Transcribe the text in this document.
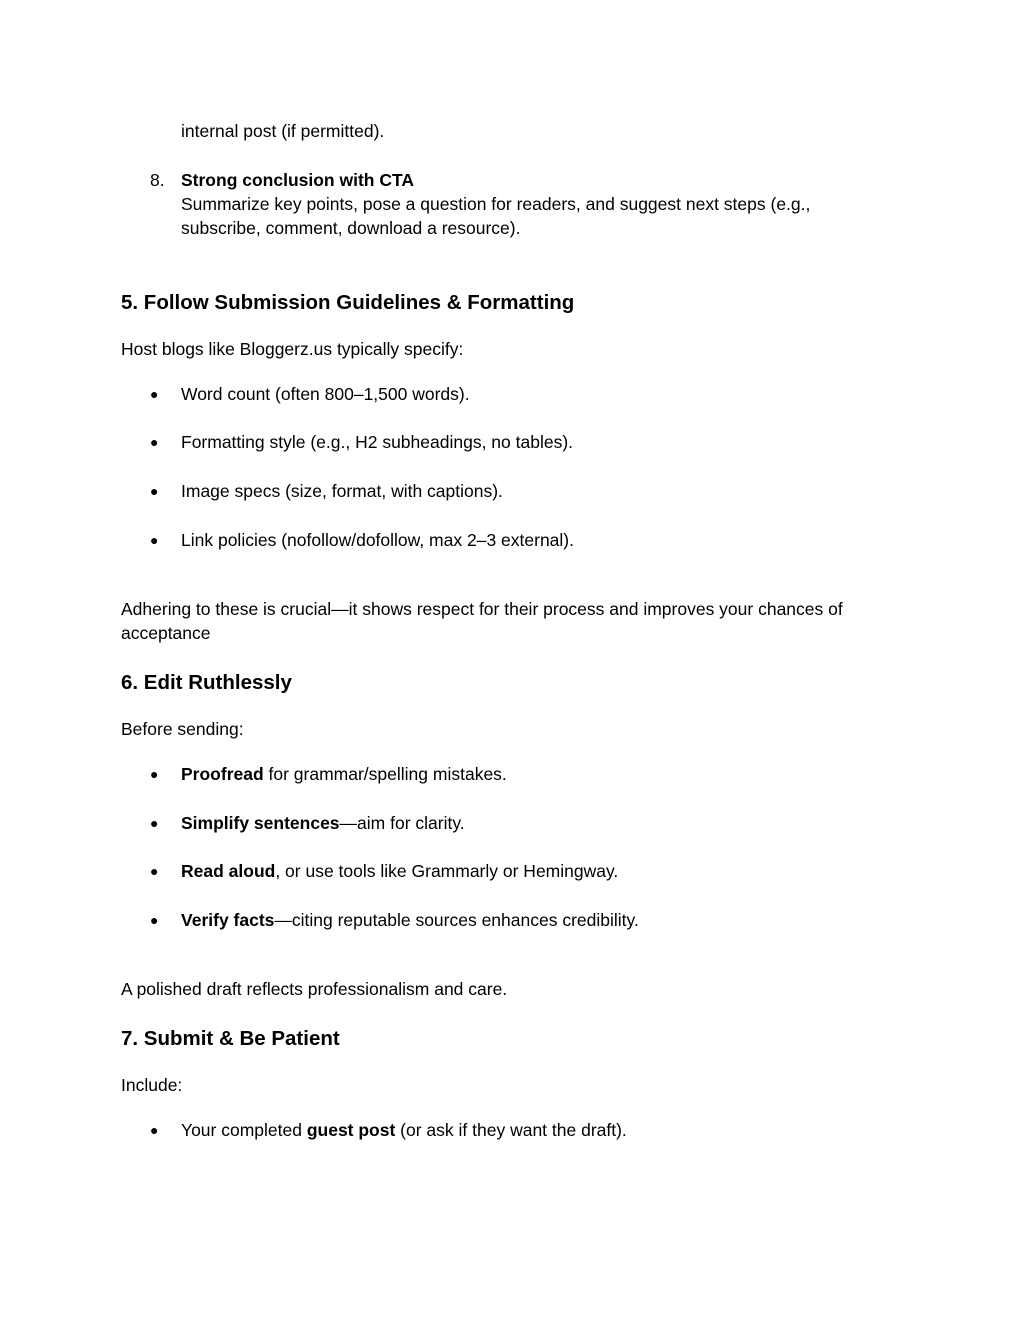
internal post (if permitted).
8. Strong conclusion with CTA
Summarize key points, pose a question for readers, and suggest next steps (e.g.,
subscribe, comment, download a resource).
5. Follow Submission Guidelines & Formatting
Host blogs like Bloggerz.us typically specify:
● Word count (often 800–1,500 words).
● Formatting style (e.g., H2 subheadings, no tables).
● Image specs (size, format, with captions).
● Link policies (nofollow/dofollow, max 2–3 external).
Adhering to these is crucial—it shows respect for their process and improves your chances of
acceptance
6. Edit Ruthlessly
Before sending:
● Proofread for grammar/spelling mistakes.
● Simplify sentences—aim for clarity.
● Read aloud, or use tools like Grammarly or Hemingway.
● Verify facts—citing reputable sources enhances credibility.
A polished draft reflects professionalism and care.
7. Submit & Be Patient
Include:
● Your completed guest post (or ask if they want the draft).
